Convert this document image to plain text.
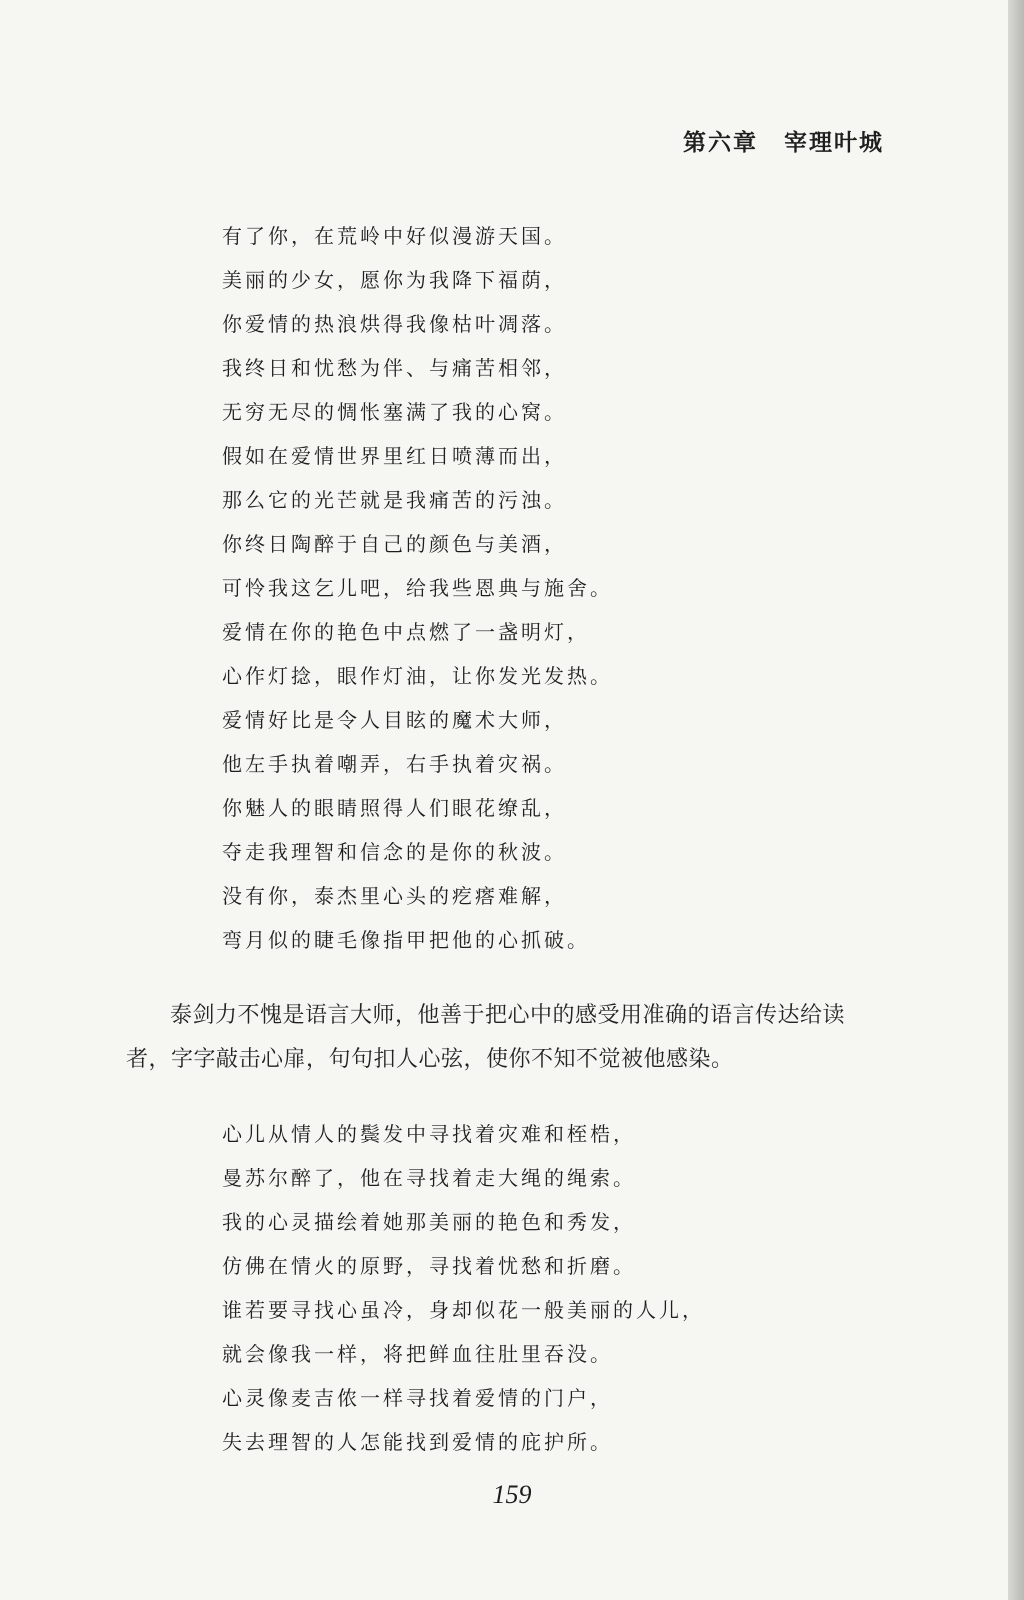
第六章 宰理叶城
有了你，在荒岭中好似漫游天国。
美丽的少女，愿你为我降下福荫，
你爱情的热浪烘得我像枯叶凋落。
我终日和忧愁为伴、与痛苦相邻，
无穷无尽的惆怅塞满了我的心窝。
假如在爱情世界里红日喷薄而出，
那么它的光芒就是我痛苦的污浊。
你终日陶醉于自己的颜色与美酒，
可怜我这乞儿吧，给我些恩典与施舍。
爱情在你的艳色中点燃了一盏明灯，
心作灯捻，眼作灯油，让你发光发热。
爱情好比是令人目眩的魔术大师，
他左手执着嘲弄，右手执着灾祸。
你魅人的眼睛照得人们眼花缭乱，
夺走我理智和信念的是你的秋波。
没有你，泰杰里心头的疙瘩难解，
弯月似的睫毛像指甲把他的心抓破。

泰剑力不愧是语言大师，他善于把心中的感受用准确的语言传达给读者，字字敲击心扉，句句扣人心弦，使你不知不觉被他感染。

心儿从情人的鬓发中寻找着灾难和桎梏，
曼苏尔醉了，他在寻找着走大绳的绳索。
我的心灵描绘着她那美丽的艳色和秀发，
仿佛在情火的原野，寻找着忧愁和折磨。
谁若要寻找心虽冷，身却似花一般美丽的人儿，
就会像我一样，将把鲜血往肚里吞没。
心灵像麦吉侬一样寻找着爱情的门户，
失去理智的人怎能找到爱情的庇护所。
159
